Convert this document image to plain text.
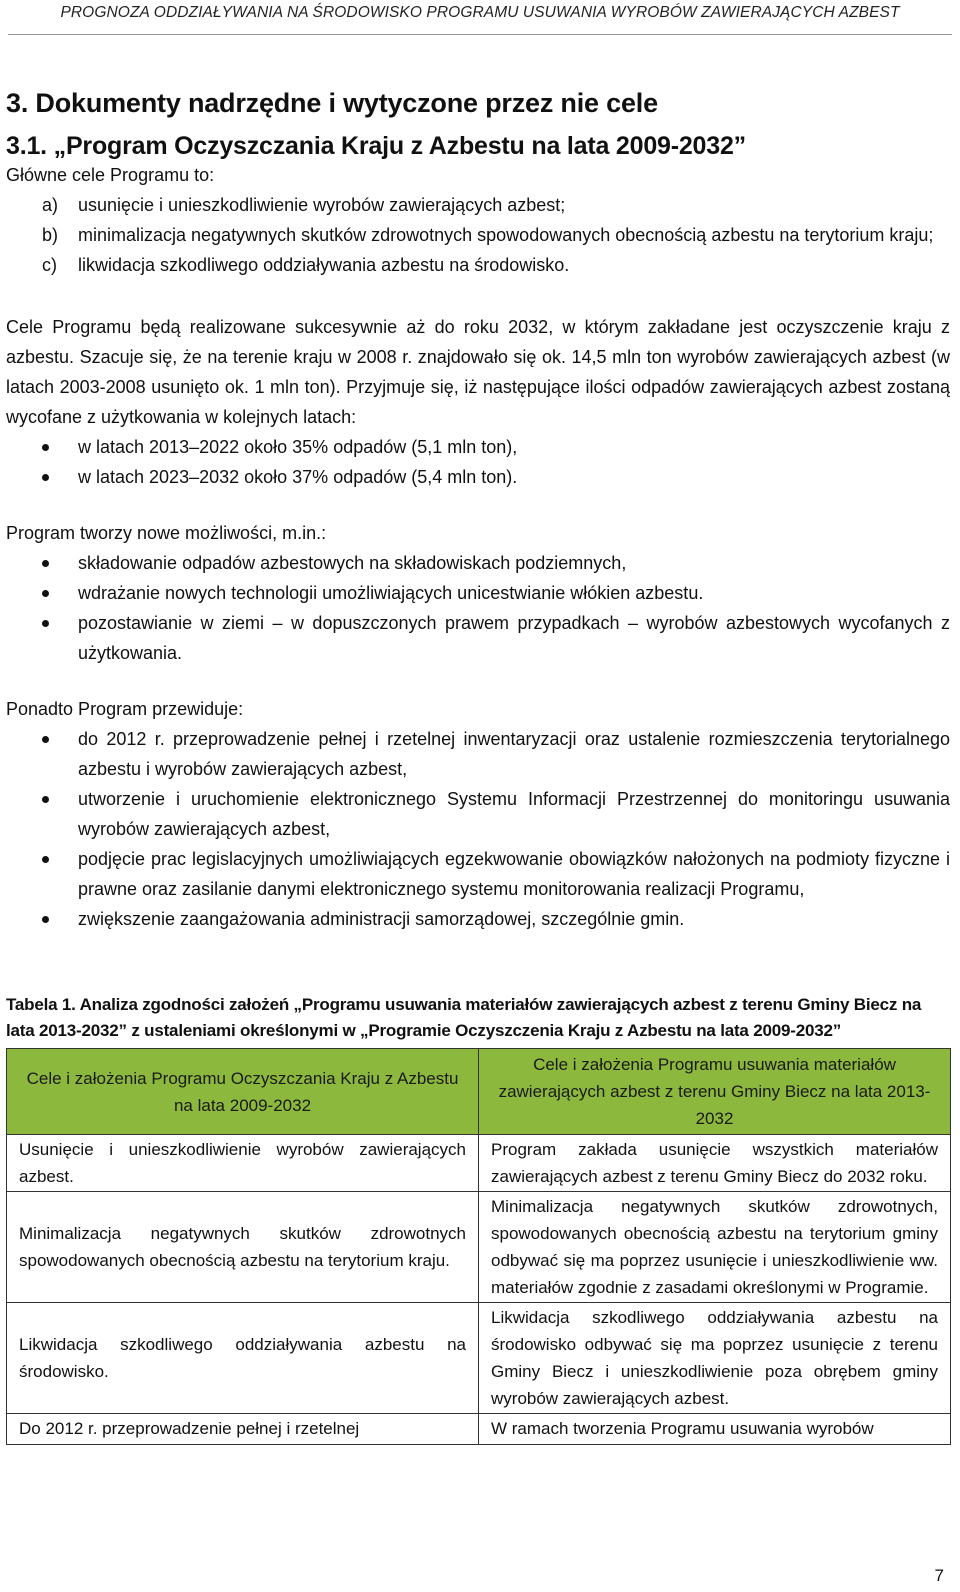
PROGNOZA ODDZIAŁYWANIA NA ŚRODOWISKO PROGRAMU USUWANIA WYROBÓW ZAWIERAJĄCYCH AZBEST
3. Dokumenty nadrzędne i wytyczone przez nie cele
3.1. „Program Oczyszczania Kraju z Azbestu na lata 2009-2032”

Główne cele Programu to:

a) usunięcie i unieszkodliwienie wyrobów zawierających azbest;
b) minimalizacja negatywnych skutków zdrowotnych spowodowanych obecnością azbestu na terytorium kraju;
c) likwidacja szkodliwego oddziaływania azbestu na środowisko.

Cele Programu będą realizowane sukcesywnie aż do roku 2032, w którym zakładane jest oczyszczenie kraju z azbestu. Szacuje się, że na terenie kraju w 2008 r. znajdowało się ok. 14,5 mln ton wyrobów zawierających azbest (w latach 2003-2008 usunięto ok. 1 mln ton). Przyjmuje się, iż następujące ilości odpadów zawierających azbest zostaną wycofane z użytkowania w kolejnych latach:

w latach 2013–2022 około 35% odpadów (5,1 mln ton),
w latach 2023–2032 około 37% odpadów (5,4 mln ton).

Program tworzy nowe możliwości, m.in.:

składowanie odpadów azbestowych na składowiskach podziemnych,
wdrażanie nowych technologii umożliwiających unicestwianie włókien azbestu.
pozostawianie w ziemi – w dopuszczonych prawem przypadkach – wyrobów azbestowych wycofanych z użytkowania.

Ponadto Program przewiduje:

do 2012 r. przeprowadzenie pełnej i rzetelnej inwentaryzacji oraz ustalenie rozmieszczenia terytorialnego azbestu i wyrobów zawierających azbest,
utworzenie i uruchomienie elektronicznego Systemu Informacji Przestrzennej do monitoringu usuwania wyrobów zawierających azbest,
podjęcie prac legislacyjnych umożliwiających egzekwowanie obowiązków nałożonych na podmioty fizyczne i prawne oraz zasilanie danymi elektronicznego systemu monitorowania realizacji Programu,
zwiększenie zaangażowania administracji samorządowej, szczególnie gmin.

Tabela 1. Analiza zgodności założeń „Programu usuwania materiałów zawierających azbest z terenu Gminy Biecz na lata 2013-2032” z ustaleniami określonymi w „Programie Oczyszczenia Kraju z Azbestu na lata 2009-2032”

Cele i założenia Programu Oczyszczania Kraju z Azbestu na lata 2009-2032	Cele i założenia Programu usuwania materiałów zawierających azbest z terenu Gminy Biecz na lata 2013-2032
Usunięcie i unieszkodliwienie wyrobów zawierających azbest.	Program zakłada usunięcie wszystkich materiałów zawierających azbest z terenu Gminy Biecz do 2032 roku.
Minimalizacja negatywnych skutków zdrowotnych spowodowanych obecnością azbestu na terytorium kraju.	Minimalizacja negatywnych skutków zdrowotnych, spowodowanych obecnością azbestu na terytorium gminy odbywać się ma poprzez usunięcie i unieszkodliwienie ww. materiałów zgodnie z zasadami określonymi w Programie.
Likwidacja szkodliwego oddziaływania azbestu na środowisko.	Likwidacja szkodliwego oddziaływania azbestu na środowisko odbywać się ma poprzez usunięcie z terenu Gminy Biecz i unieszkodliwienie poza obrębem gminy wyrobów zawierających azbest.
Do 2012 r. przeprowadzenie pełnej i rzetelnej	W ramach tworzenia Programu usuwania wyrobów
7
